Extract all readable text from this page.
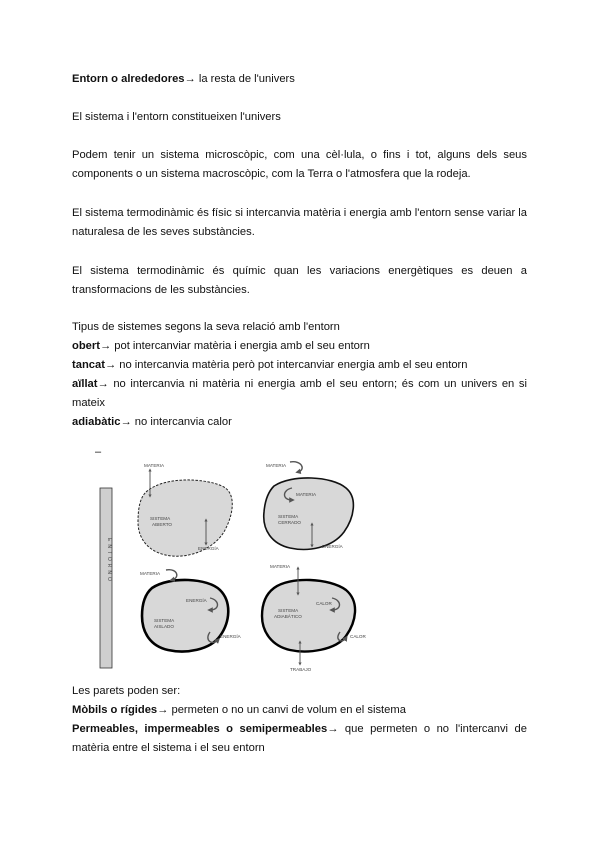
Entorn o alrededores→ la resta de l'univers

El sistema i l'entorn constitueixen l'univers

Podem tenir un sistema microscòpic, com una cèl·lula, o fins i tot, alguns dels seus components o un sistema macroscòpic, com la Terra o l'atmosfera que la rodeja.

El sistema termodinàmic és físic si intercanvia matèria i energia amb l'entorn sense variar la naturalesa de les seves substàncies.

El sistema termodinàmic és químic quan les variacions energètiques es deuen a transformacions de les substàncies.

Tipus de sistemes segons la seva relació amb l'entorn

obert→ pot intercanviar matèria i energia amb el seu entorn

tancat→ no intercanvia matèria però pot intercanviar energia amb el seu entorn

aïllat→ no intercanvia ni matèria ni energia amb el seu entorn; és com un univers en si mateix

adiabàtic→ no intercanvia calor

–
ENTORNO
MATERIA
SISTEMA
ABIERTO
ENERGÍA
MATERIA
MATERIA
SISTEMA
CERRADO
ENERGÍA
MATERIA
ENERGÍA
SISTEMA
AISLADO
ENERGÍA
MATERIA
SISTEMA
ADIABÁTICO
CALOR
CALOR
TRABAJO

Les parets poden ser:

Mòbils o rígides→ permeten o no un canvi de volum en el sistema

Permeables, impermeables o semipermeables→ que permeten o no l'intercanvi de matèria entre el sistema i el seu entorn
